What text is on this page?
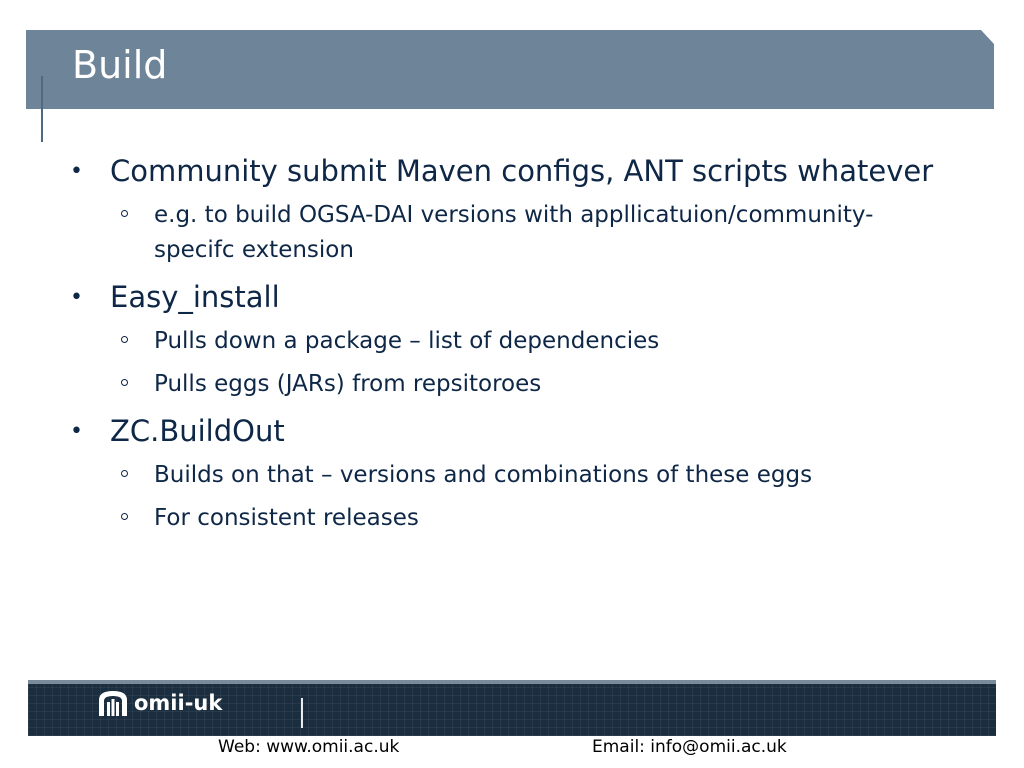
Build
• Community submit Maven configs, ANT scripts whatever
e.g. to build OGSA-DAI versions with appllicatuion/community-specifc extension
• Easy_install
Pulls down a package – list of dependencies
Pulls eggs (JARs) from repsitoroes
• ZC.BuildOut
Builds on that – versions and combinations of these eggs
For consistent releases
omii-uk
Web: www.omii.ac.uk	Email: info@omii.ac.uk
